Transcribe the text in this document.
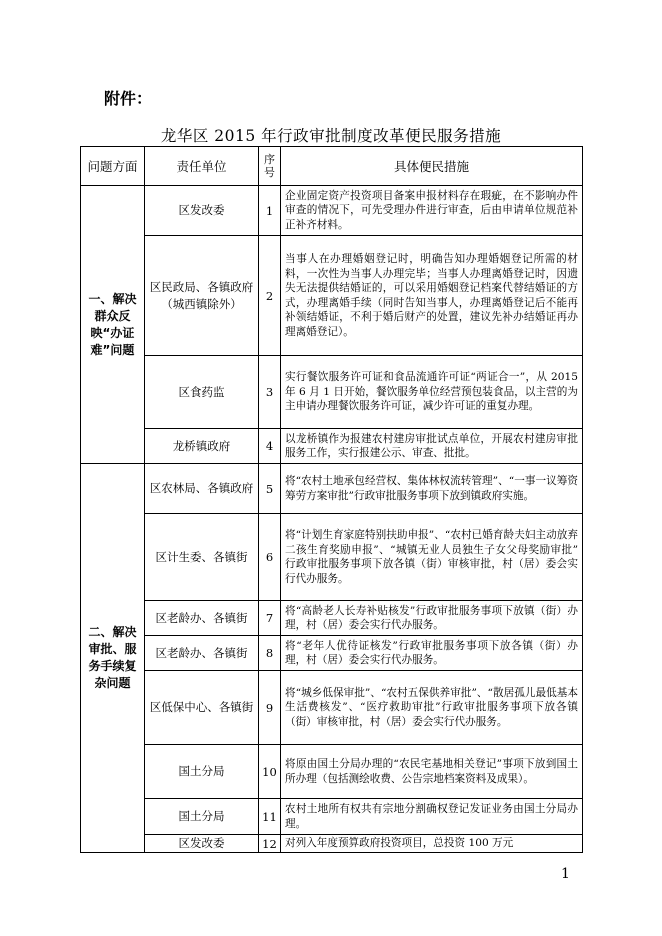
附件：
龙华区 2015 年行政审批制度改革便民服务措施
问题方面	责任单位	序号	具体便民措施
一、解决群众反映“办证难”问题	区发改委	1	企业固定资产投资项目备案申报材料存在瑕疵，在不影响办件审查的情况下，可先受理办件进行审查，后由申请单位规范补正补齐材料。
	区民政局、各镇政府（城西镇除外）	2	当事人在办理婚姻登记时，明确告知办理婚姻登记所需的材料，一次性为当事人办理完毕；当事人办理离婚登记时，因遗失无法提供结婚证的，可以采用婚姻登记档案代替结婚证的方式，办理离婚手续（同时告知当事人，办理离婚登记后不能再补领结婚证，不利于婚后财产的处置，建议先补办结婚证再办理离婚登记）。
	区食药监	3	实行餐饮服务许可证和食品流通许可证“两证合一”，从 2015 年 6 月 1 日开始，餐饮服务单位经营预包装食品，以主营的为主申请办理餐饮服务许可证，减少许可证的重复办理。
	龙桥镇政府	4	以龙桥镇作为报建农村建房审批试点单位，开展农村建房审批服务工作，实行报建公示、审查、批批。
二、解决审批、服务手续复杂问题	区农林局、各镇政府	5	将“农村土地承包经营权、集体林权流转管理”、“一事一议筹资筹劳方案审批”行政审批服务事项下放到镇政府实施。
	区计生委、各镇街	6	将“计划生育家庭特别扶助申报”、“农村已婚育龄夫妇主动放弃二孩生育奖励申报”、“城镇无业人员独生子女父母奖励审批” 行政审批服务事项下放各镇（街）审核审批，村（居）委会实行代办服务。
	区老龄办、各镇街	7	将“高龄老人长寿补贴核发”行政审批服务事项下放镇（街）办理，村（居）委会实行代办服务。
	区老龄办、各镇街	8	将“老年人优待证核发”行政审批服务事项下放各镇（街）办理，村（居）委会实行代办服务。
	区低保中心、各镇街	9	将“城乡低保审批”、“农村五保供养审批”、“散居孤儿最低基本生活费核发”、“医疗救助审批”行政审批服务事项下放各镇（街）审核审批，村（居）委会实行代办服务。
	国土分局	10	将原由国土分局办理的“农民宅基地相关登记”事项下放到国土所办理（包括测绘收费、公告宗地档案资料及成果）。
	国土分局	11	农村土地所有权共有宗地分割确权登记发证业务由国土分局办理。
	区发改委	12	对列入年度预算政府投资项目，总投资 100 万元
1
